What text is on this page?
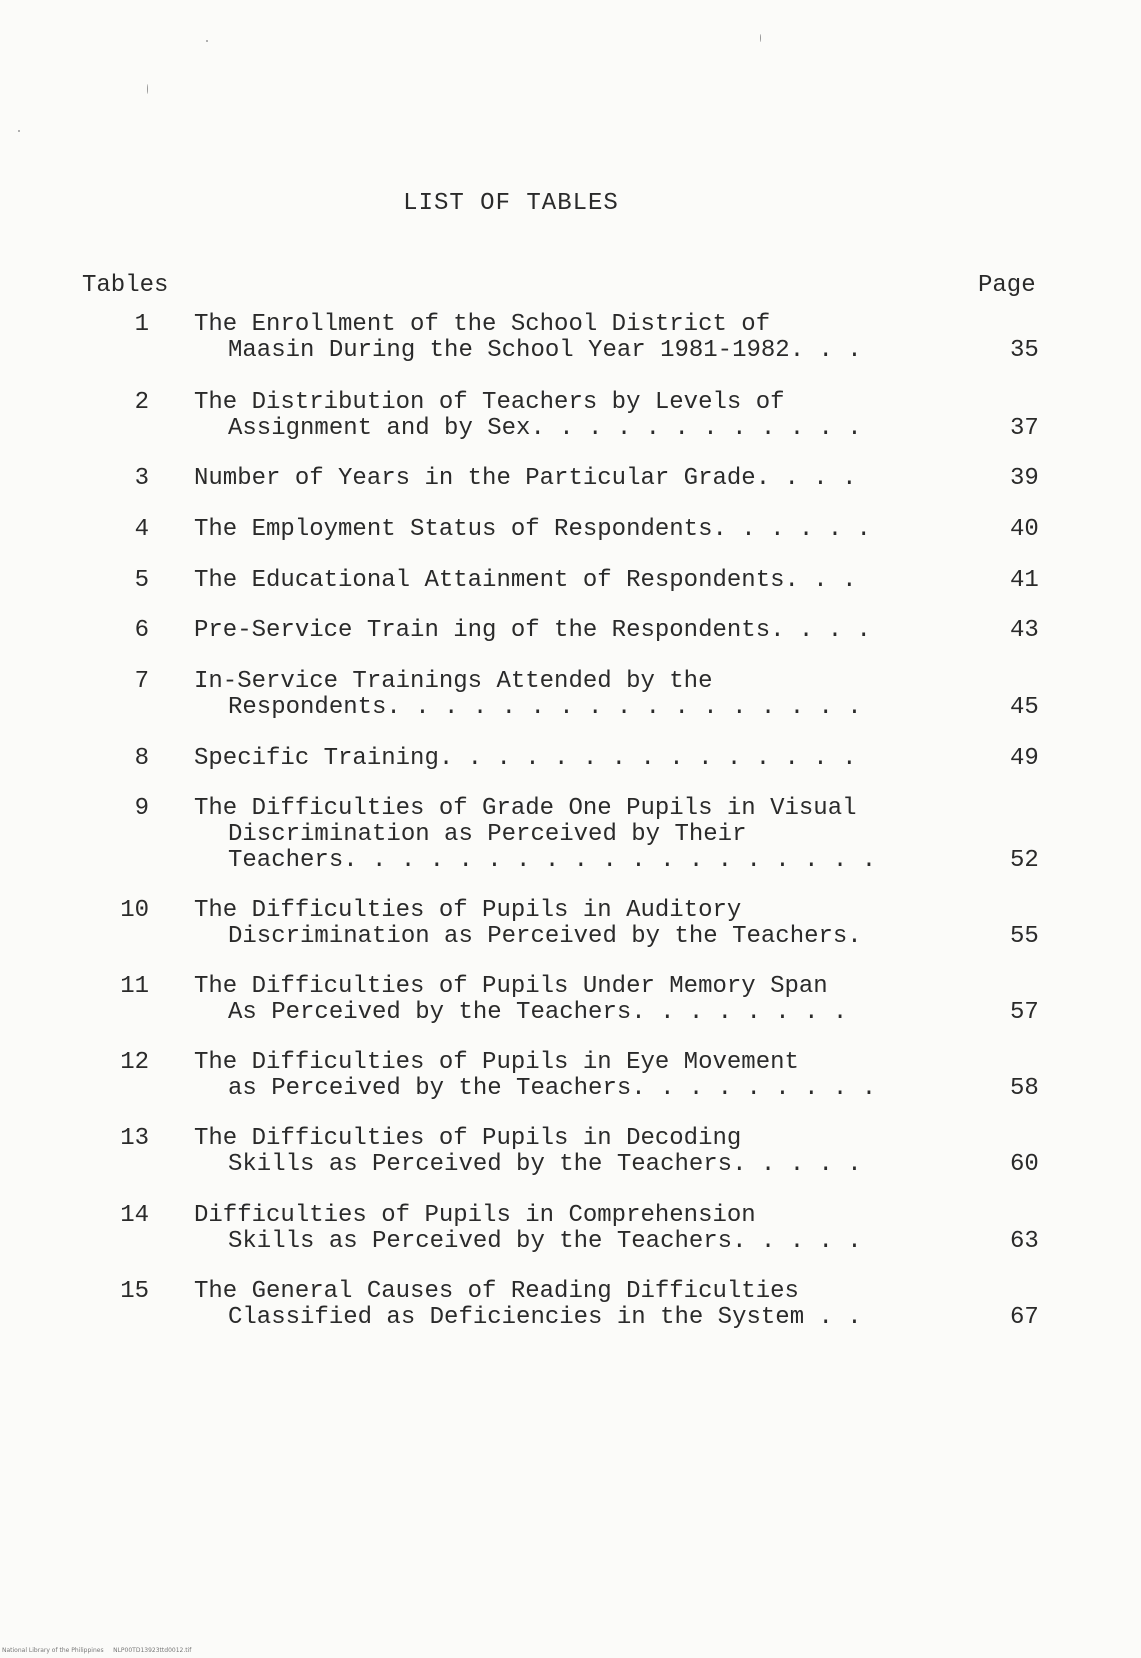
LIST OF TABLES
Tables	Page
1 The Enrollment of the School District of
Maasin During the School Year 1981-1982. . .	35
2 The Distribution of Teachers by Levels of
Assignment and by Sex. . . . . . . . . . . .	37
3 Number of Years in the Particular Grade. . . .	39
4 The Employment Status of Respondents. . . . . .	40
5 The Educational Attainment of Respondents. . .	41
6 Pre-Service Train ing of the Respondents. . . .	43
7 In-Service Trainings Attended by the
Respondents. . . . . . . . . . . . . . . . .	45
8 Specific Training. . . . . . . . . . . . . . .	49
9 The Difficulties of Grade One Pupils in Visual
Discrimination as Perceived by Their
Teachers. . . . . . . . . . . . . . . . . . .	52
10 The Difficulties of Pupils in Auditory
Discrimination as Perceived by the Teachers.	55
11 The Difficulties of Pupils Under Memory Span
As Perceived by the Teachers. . . . . . . .	57
12 The Difficulties of Pupils in Eye Movement
as Perceived by the Teachers. . . . . . . . .	58
13 The Difficulties of Pupils in Decoding
Skills as Perceived by the Teachers. . . . .	60
14 Difficulties of Pupils in Comprehension
Skills as Perceived by the Teachers. . . . .	63
15 The General Causes of Reading Difficulties
Classified as Deficiencies in the System . .	67
National Library of the Philippines     NLP00TD13923ttd0012.tif
